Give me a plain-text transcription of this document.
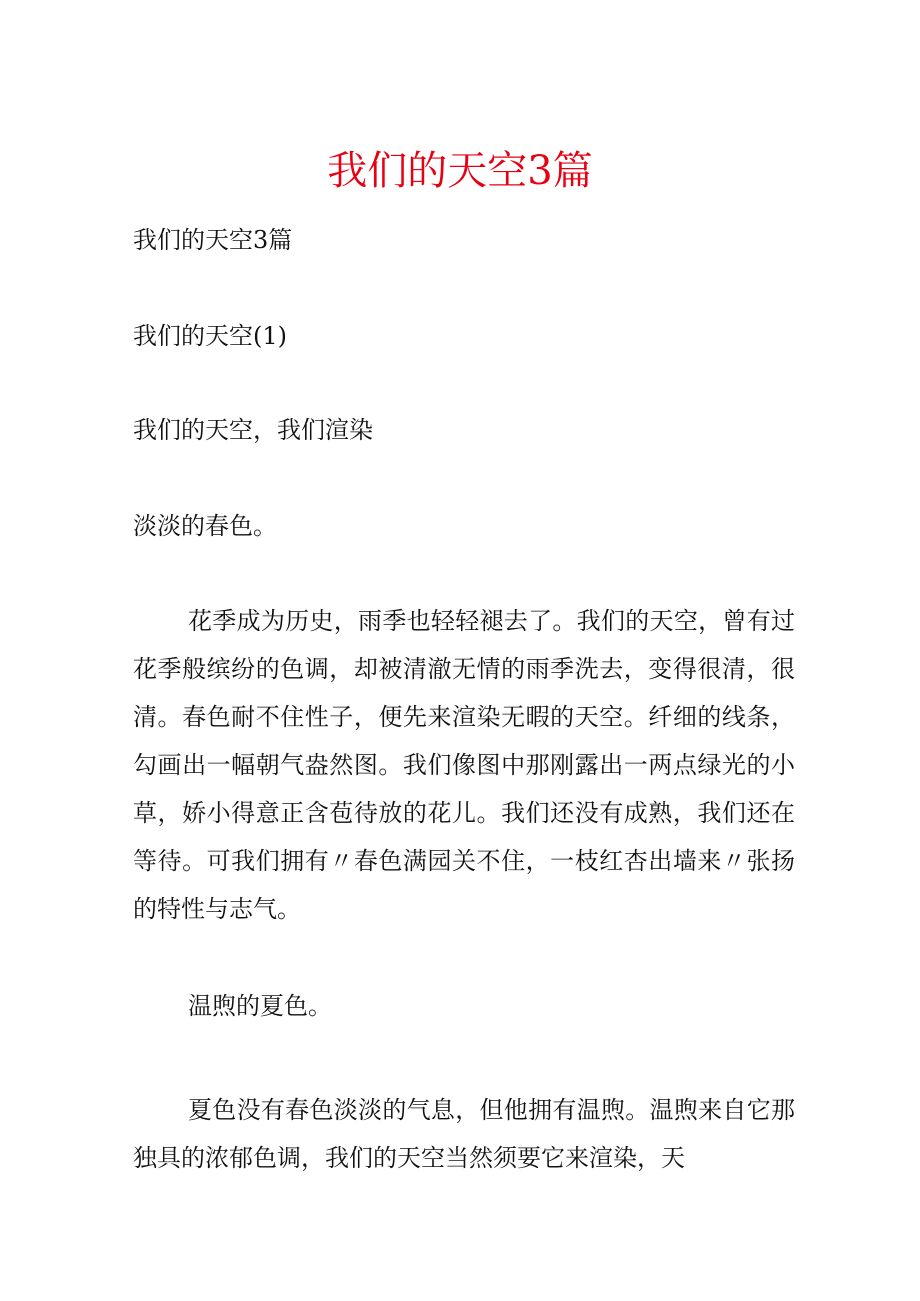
我们的天空3篇
我们的天空3篇
我们的天空(1)
我们的天空，我们渲染
淡淡的春色。
花季成为历史，雨季也轻轻褪去了。我们的天空，曾有过花季般缤纷的色调，却被清澈无情的雨季洗去，变得很清，很清。春色耐不住性子，便先来渲染无暇的天空。纤细的线条，勾画出一幅朝气盎然图。我们像图中那刚露出一两点绿光的小草，娇小得意正含苞待放的花儿。我们还没有成熟，我们还在等待。可我们拥有〃春色满园关不住，一枝红杏出墙来〃张扬的特性与志气。
温煦的夏色。
夏色没有春色淡淡的气息，但他拥有温煦。温煦来自它那独具的浓郁色调，我们的天空当然须要它来渲染，天
